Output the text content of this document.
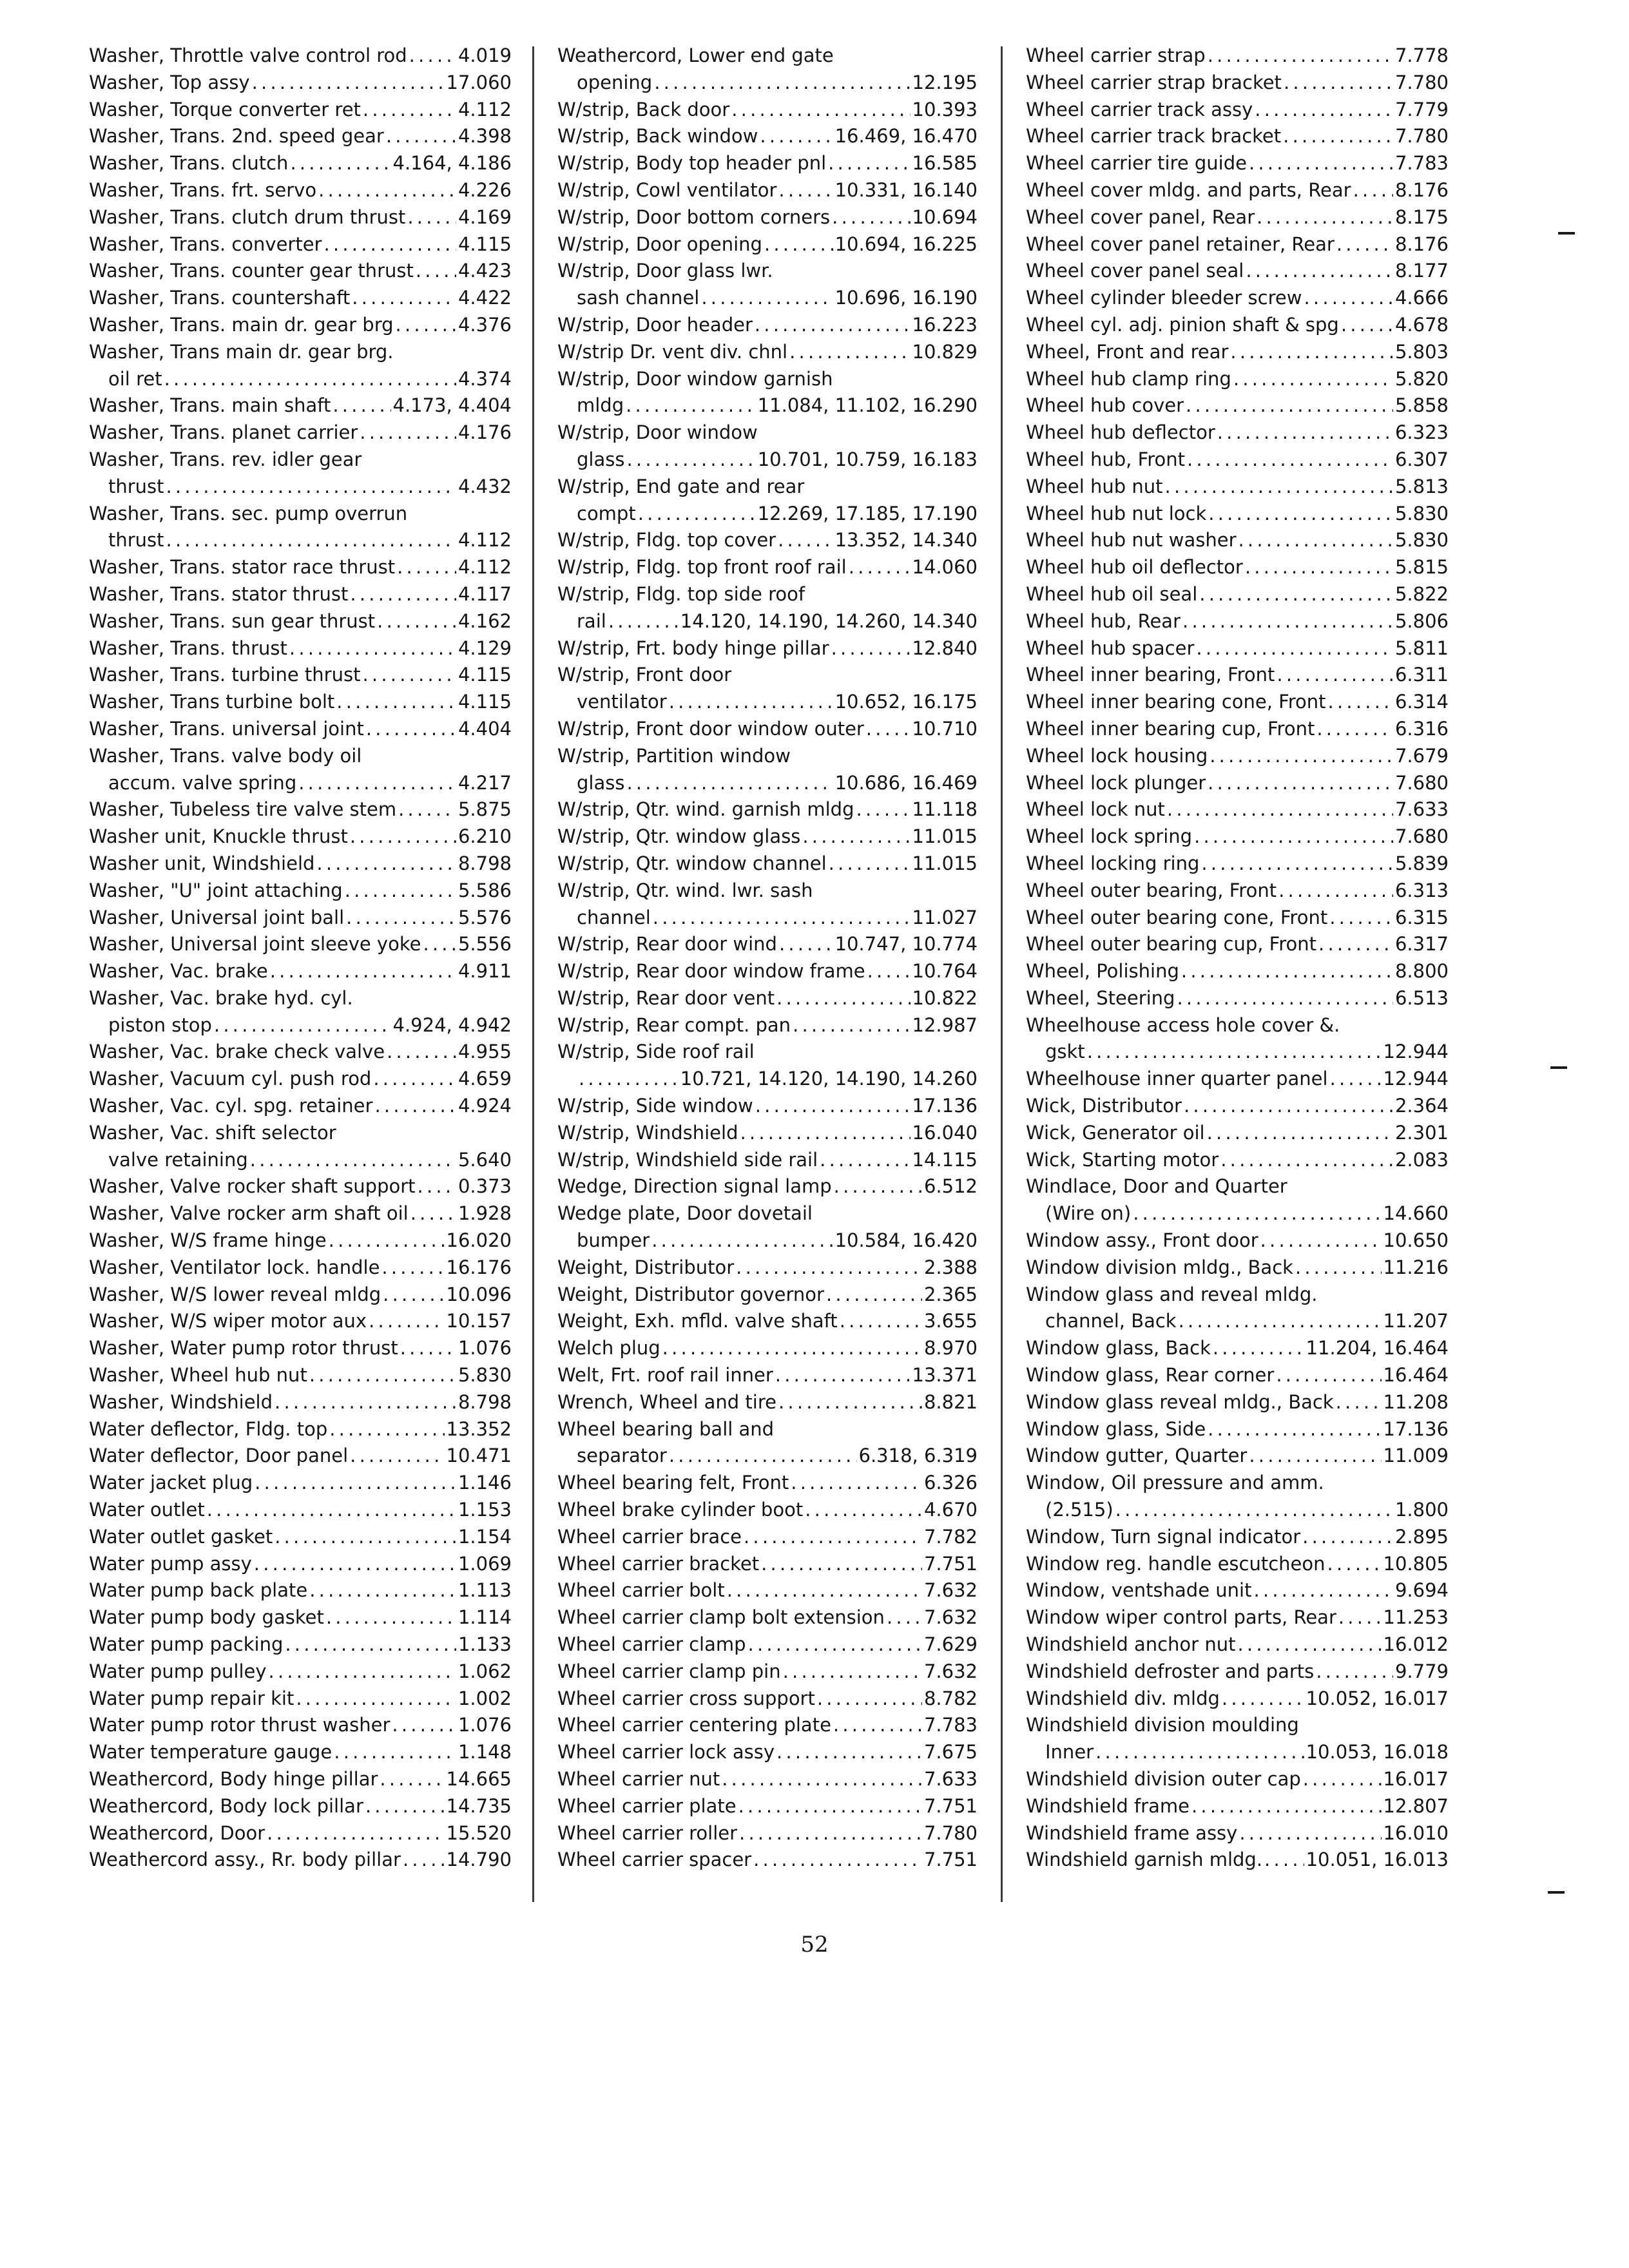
Washer, Throttle valve control rod . . .	4.019
Washer, Top assy . . .	17.060
Washer, Torque converter ret . . .	4.112
Washer, Trans. 2nd. speed gear . . .	4.398
Washer, Trans. clutch . . .	4.164, 4.186
Washer, Trans. frt. servo . . .	4.226
Washer, Trans. clutch drum thrust . . .	4.169
Washer, Trans. converter . . .	4.115
Washer, Trans. counter gear thrust . . . 4.423
Washer, Trans. countershaft . . .	4.422
Washer, Trans. main dr. gear brg . . .	4.376
Washer, Trans main dr. gear brg.
oil ret . . .	4.374
Washer, Trans. main shaft . . .	4.173, 4.404
Washer, Trans. planet carrier . . .	4.176
Washer, Trans. rev. idler gear
thrust . . .	4.432
Washer, Trans. sec. pump overrun
thrust . . .	4.112
Washer, Trans. stator race thrust . . .	4.112
Washer, Trans. stator thrust . . .	4.117
Washer, Trans. sun gear thrust . . .	4.162
Washer, Trans. thrust . . .	4.129
Washer, Trans. turbine thrust . . .	4.115
Washer, Trans turbine bolt . . .	4.115
Washer, Trans. universal joint . . .	4.404
Washer, Trans. valve body oil
accum. valve spring . . .	4.217
Washer, Tubeless tire valve stem . . .	5.875
Washer unit, Knuckle thrust . . .	6.210
Washer unit, Windshield . . .	8.798
Washer, "U" joint attaching . . .	5.586
Washer, Universal joint ball . . .	5.576
Washer, Universal joint sleeve yoke . . . 5.556
Washer, Vac. brake . . .	4.911
Washer, Vac. brake hyd. cyl.
piston stop . . .	4.924, 4.942
Washer, Vac. brake check valve . . .	4.955
Washer, Vacuum cyl. push rod . . .	4.659
Washer, Vac. cyl. spg. retainer . . .	4.924
Washer, Vac. shift selector
valve retaining . . .	5.640
Washer, Valve rocker shaft support . . . 0.373
Washer, Valve rocker arm shaft oil . . .	1.928
Washer, W/S frame hinge . . .	16.020
Washer, Ventilator lock. handle . . .	16.176
Washer, W/S lower reveal mldg . . .	10.096
Washer, W/S wiper motor aux . . .	10.157
Washer, Water pump rotor thrust . . .	1.076
Washer, Wheel hub nut . . .	5.830
Washer, Windshield . . .	8.798
Water deflector, Fldg. top . . .	13.352
Water deflector, Door panel . . .	10.471
Water jacket plug . . .	1.146
Water outlet . . .	1.153
Water outlet gasket . . .	1.154
Water pump assy . . .	1.069
Water pump back plate . . .	1.113
Water pump body gasket . . .	1.114
Water pump packing . . .	1.133
Water pump pulley . . .	1.062
Water pump repair kit . . .	1.002
Water pump rotor thrust washer . . .	1.076
Water temperature gauge . . .	1.148
Weathercord, Body hinge pillar . . .	14.665
Weathercord, Body lock pillar . . .	14.735
Weathercord, Door . . .	15.520
Weathercord assy., Rr. body pillar . . . 14.790
Weathercord, Lower end gate
opening . . .	12.195
W/strip, Back door . . .	10.393
W/strip, Back window . . .	16.469, 16.470
W/strip, Body top header pnl . . .	16.585
W/strip, Cowl ventilator . . .	10.331, 16.140
W/strip, Door bottom corners . . .	10.694
W/strip, Door opening . . .	10.694, 16.225
W/strip, Door glass lwr.
sash channel . . .	10.696, 16.190
W/strip, Door header . . .	16.223
W/strip Dr. vent div. chnl . . .	10.829
W/strip, Door window garnish
mldg . . .	11.084, 11.102, 16.290
W/strip, Door window
glass . . .	10.701, 10.759, 16.183
W/strip, End gate and rear
compt . . .	12.269, 17.185, 17.190
W/strip, Fldg. top cover . . .	13.352, 14.340
W/strip, Fldg. top front roof rail . . .	14.060
W/strip, Fldg. top side roof
rail . . .	14.120, 14.190, 14.260, 14.340
W/strip, Frt. body hinge pillar . . .	12.840
W/strip, Front door
ventilator . . .	10.652, 16.175
W/strip, Front door window outer . . .	10.710
W/strip, Partition window
glass . . .	10.686, 16.469
W/strip, Qtr. wind. garnish mldg . . .	11.118
W/strip, Qtr. window glass . . .	11.015
W/strip, Qtr. window channel . . .	11.015
W/strip, Qtr. wind. lwr. sash
channel . . .	11.027
W/strip, Rear door wind . . .	10.747, 10.774
W/strip, Rear door window frame . . .	10.764
W/strip, Rear door vent . . .	10.822
W/strip, Rear compt. pan . . .	12.987
W/strip, Side roof rail
. . .
10.721, 14.120, 14.190, 14.260
W/strip, Side window . . .	17.136
W/strip, Windshield . . .	16.040
W/strip, Windshield side rail . . .	14.115
Wedge, Direction signal lamp . . .	6.512
Wedge plate, Door dovetail
bumper . . .	10.584, 16.420
Weight, Distributor . . .	2.388
Weight, Distributor governor . . .	2.365
Weight, Exh. mfld. valve shaft . . .	3.655
Welch plug . . .	8.970
Welt, Frt. roof rail inner . . .	13.371
Wrench, Wheel and tire . . .	8.821
Wheel bearing ball and
separator . . .	6.318, 6.319
Wheel bearing felt, Front . . .	6.326
Wheel brake cylinder boot . . .	4.670
Wheel carrier brace . . .	7.782
Wheel carrier bracket . . .	7.751
Wheel carrier bolt . . .	7.632
Wheel carrier clamp bolt extension . . . 7.632
Wheel carrier clamp . . .	7.629
Wheel carrier clamp pin . . .	7.632
Wheel carrier cross support . . .	8.782
Wheel carrier centering plate . . .	7.783
Wheel carrier lock assy . . .	7.675
Wheel carrier nut . . .	7.633
Wheel carrier plate . . .	7.751
Wheel carrier roller . . .	7.780
Wheel carrier spacer . . .	7.751
Wheel carrier strap . . .	7.778
Wheel carrier strap bracket . . .	7.780
Wheel carrier track assy . . .	7.779
Wheel carrier track bracket . . .	7.780
Wheel carrier tire guide . . .	7.783
Wheel cover mldg. and parts, Rear . . . 8.176
Wheel cover panel, Rear . . .	8.175
Wheel cover panel retainer, Rear . . .	8.176
Wheel cover panel seal . . .	8.177
Wheel cylinder bleeder screw . . .	4.666
Wheel cyl. adj. pinion shaft & spg . . .	4.678
Wheel, Front and rear . . .	5.803
Wheel hub clamp ring . . .	5.820
Wheel hub cover . . .	5.858
Wheel hub deflector . . .	6.323
Wheel hub, Front . . .	6.307
Wheel hub nut . . .	5.813
Wheel hub nut lock . . .	5.830
Wheel hub nut washer . . .	5.830
Wheel hub oil deflector . . .	5.815
Wheel hub oil seal . . .	5.822
Wheel hub, Rear . . .	5.806
Wheel hub spacer . . .	5.811
Wheel inner bearing, Front . . .	6.311
Wheel inner bearing cone, Front . . .	6.314
Wheel inner bearing cup, Front . . .	6.316
Wheel lock housing . . .	7.679
Wheel lock plunger . . .	7.680
Wheel lock nut . . .	7.633
Wheel lock spring . . .	7.680
Wheel locking ring . . .	5.839
Wheel outer bearing, Front . . .	6.313
Wheel outer bearing cone, Front . . .	6.315
Wheel outer bearing cup, Front . . .	6.317
Wheel, Polishing . . .	8.800
Wheel, Steering . . .	6.513
Wheelhouse access hole cover &.
gskt . . .	12.944
Wheelhouse inner quarter panel . . .	12.944
Wick, Distributor . . .	2.364
Wick, Generator oil . . .	2.301
Wick, Starting motor . . .	2.083
Windlace, Door and Quarter
(Wire on) . . .	14.660
Window assy., Front door . . .	10.650
Window division mldg., Back . . .	11.216
Window glass and reveal mldg.
channel, Back . . .	11.207
Window glass, Back . . .	11.204, 16.464
Window glass, Rear corner . . .	16.464
Window glass reveal mldg., Back . . .	11.208
Window glass, Side . . .	17.136
Window gutter, Quarter . . .	11.009
Window, Oil pressure and amm.
(2.515) . . .	1.800
Window, Turn signal indicator . . .	2.895
Window reg. handle escutcheon . . .	10.805
Window, ventshade unit . . .	9.694
Window wiper control parts, Rear . . .	11.253
Windshield anchor nut . . .	16.012
Windshield defroster and parts . . .	9.779
Windshield div. mldg . . .	10.052, 16.017
Windshield division moulding
Inner . . .	10.053, 16.018
Windshield division outer cap . . .	16.017
Windshield frame . . .	12.807
Windshield frame assy . . .	16.010
Windshield garnish mldg. . . . 10.051, 16.013
52
